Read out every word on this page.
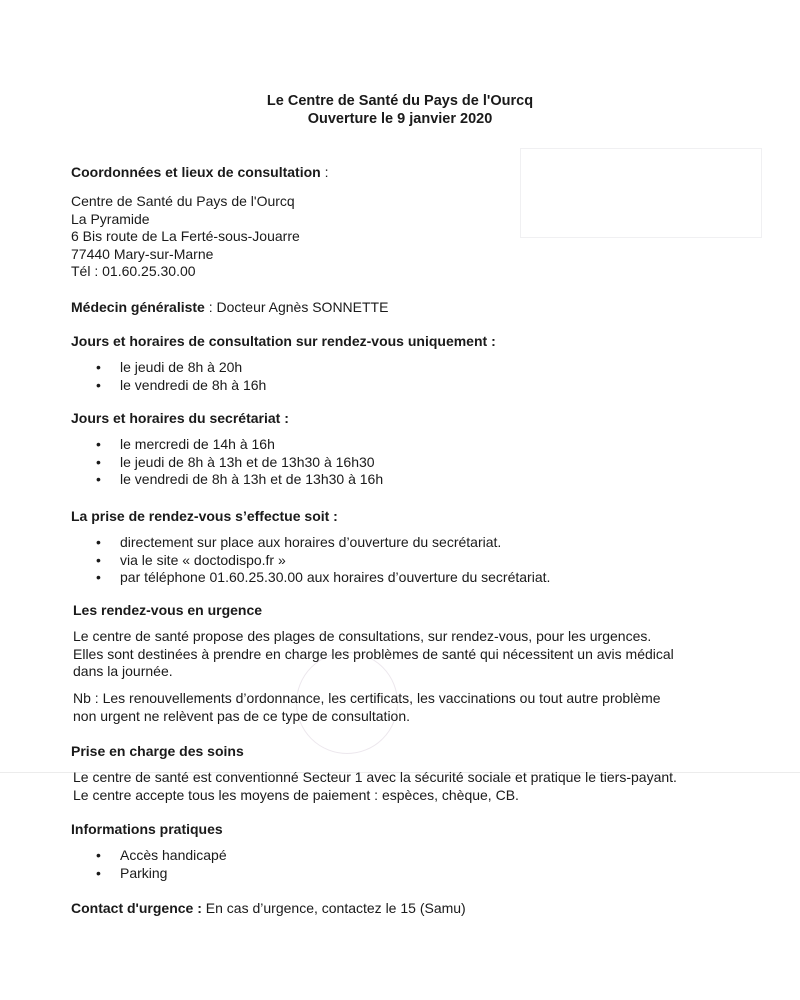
Le Centre de Santé du Pays de l'Ourcq
Ouverture le 9 janvier 2020
Coordonnées et lieux de consultation :
Centre de Santé du Pays de l'Ourcq
La Pyramide
6 Bis route de La Ferté-sous-Jouarre
77440 Mary-sur-Marne
Tél : 01.60.25.30.00
Médecin généraliste : Docteur Agnès SONNETTE
Jours et horaires de consultation sur rendez-vous uniquement :
• le jeudi de 8h à 20h
• le vendredi de 8h à 16h
Jours et horaires du secrétariat :
• le mercredi de 14h à 16h
• le jeudi de 8h à 13h et de 13h30 à 16h30
• le vendredi de 8h à 13h et de 13h30 à 16h
La prise de rendez-vous s’effectue soit :
• directement sur place aux horaires d’ouverture du secrétariat.
• via le site « doctodispo.fr »
• par téléphone 01.60.25.30.00 aux horaires d’ouverture du secrétariat.
Les rendez-vous en urgence
Le centre de santé propose des plages de consultations, sur rendez-vous, pour les urgences.
Elles sont destinées à prendre en charge les problèmes de santé qui nécessitent un avis médical
dans la journée.
Nb : Les renouvellements d’ordonnance, les certificats, les vaccinations ou tout autre problème
non urgent ne relèvent pas de ce type de consultation.
Prise en charge des soins
Le centre de santé est conventionné Secteur 1 avec la sécurité sociale et pratique le tiers-payant.
Le centre accepte tous les moyens de paiement : espèces, chèque, CB.
Informations pratiques
• Accès handicapé
• Parking
Contact d'urgence : En cas d’urgence, contactez le 15 (Samu)
